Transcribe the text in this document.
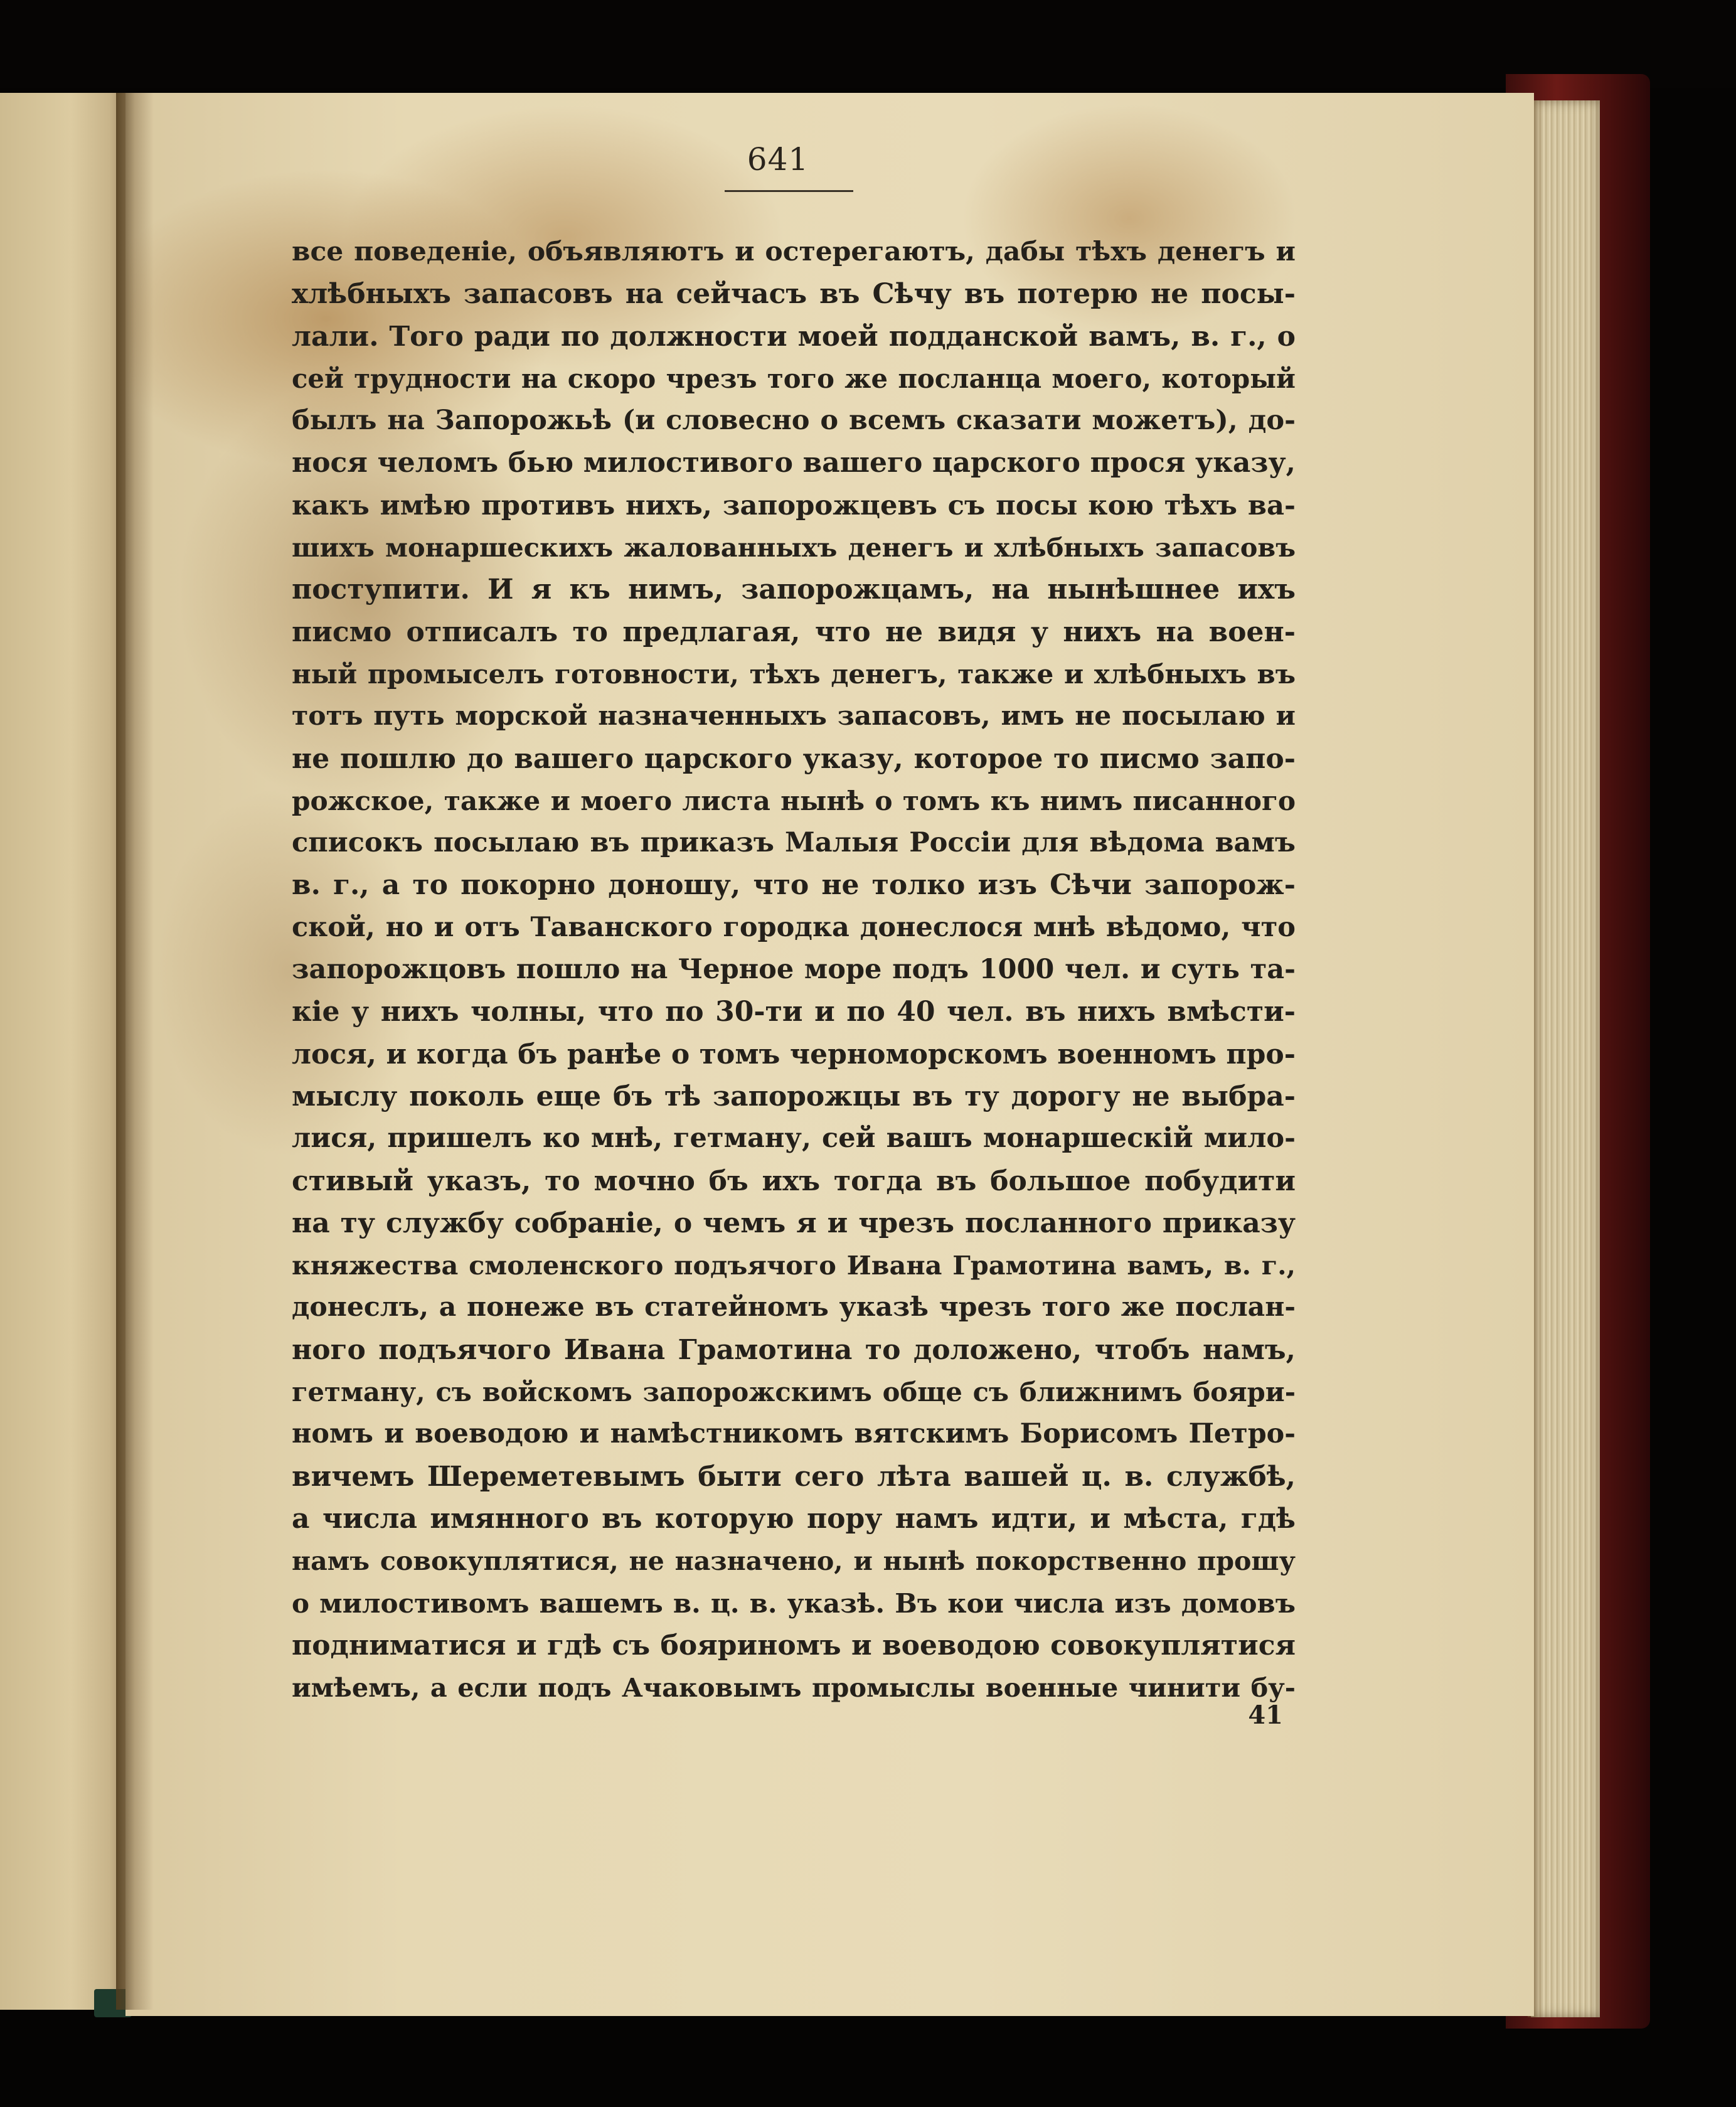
641
все поведеніе, объявляютъ и остерегаютъ, дабы тѣхъ денегъ и
хлѣбныхъ запасовъ на сейчасъ въ Сѣчу въ потерю не посы-
лали. Того ради по должности моей подданской вамъ, в. г., о
сей трудности на скоро чрезъ того же посланца моего, который
былъ на Запорожьѣ (и словесно о всемъ сказати можетъ), до-
нося челомъ бью милостивого вашего царского прося указу,
какъ имѣю противъ нихъ, запорожцевъ съ посы кою тѣхъ ва-
шихъ монаршескихъ жалованныхъ денегъ и хлѣбныхъ запасовъ
поступити. И я къ нимъ, запорожцамъ, на нынѣшнее ихъ
писмо отписалъ то предлагая, что не видя у нихъ на воен-
ный промыселъ готовности, тѣхъ денегъ, также и хлѣбныхъ въ
тотъ путь морской назначенныхъ запасовъ, имъ не посылаю и
не пошлю до вашего царского указу, которое то писмо запо-
рожское, также и моего листа нынѣ о томъ къ нимъ писанного
списокъ посылаю въ приказъ Малыя Россіи для вѣдома вамъ
в. г., а то покорно доношу, что не толко изъ Сѣчи запорож-
ской, но и отъ Таванского городка донеслося мнѣ вѣдомо, что
запорожцовъ пошло на Черное море подъ 1000 чел. и суть та-
кіе у нихъ чолны, что по 30-ти и по 40 чел. въ нихъ вмѣсти-
лося, и когда бъ ранѣе о томъ черноморскомъ военномъ про-
мыслу поколь еще бъ тѣ запорожцы въ ту дорогу не выбра-
лися, пришелъ ко мнѣ, гетману, сей вашъ монаршескій мило-
стивый указъ, то мочно бъ ихъ тогда въ большое побудити
на ту службу собраніе, о чемъ я и чрезъ посланного приказу
княжества смоленского подъячого Ивана Грамотина вамъ, в. г.,
донеслъ, а понеже въ статейномъ указѣ чрезъ того же послан-
ного подъячого Ивана Грамотина то доложено, чтобъ намъ,
гетману, съ войскомъ запорожскимъ обще съ ближнимъ бояри-
номъ и воеводою и намѣстникомъ вятскимъ Борисомъ Петро-
вичемъ Шереметевымъ быти сего лѣта вашей ц. в. службѣ,
а числа имянного въ которую пору намъ идти, и мѣста, гдѣ
намъ совокуплятися, не назначено, и нынѣ покорственно прошу
о милостивомъ вашемъ в. ц. в. указѣ. Въ кои числа изъ домовъ
подниматися и гдѣ съ бояриномъ и воеводою совокуплятися
имѣемъ, а если подъ Ачаковымъ промыслы военные чинити бу-
41
